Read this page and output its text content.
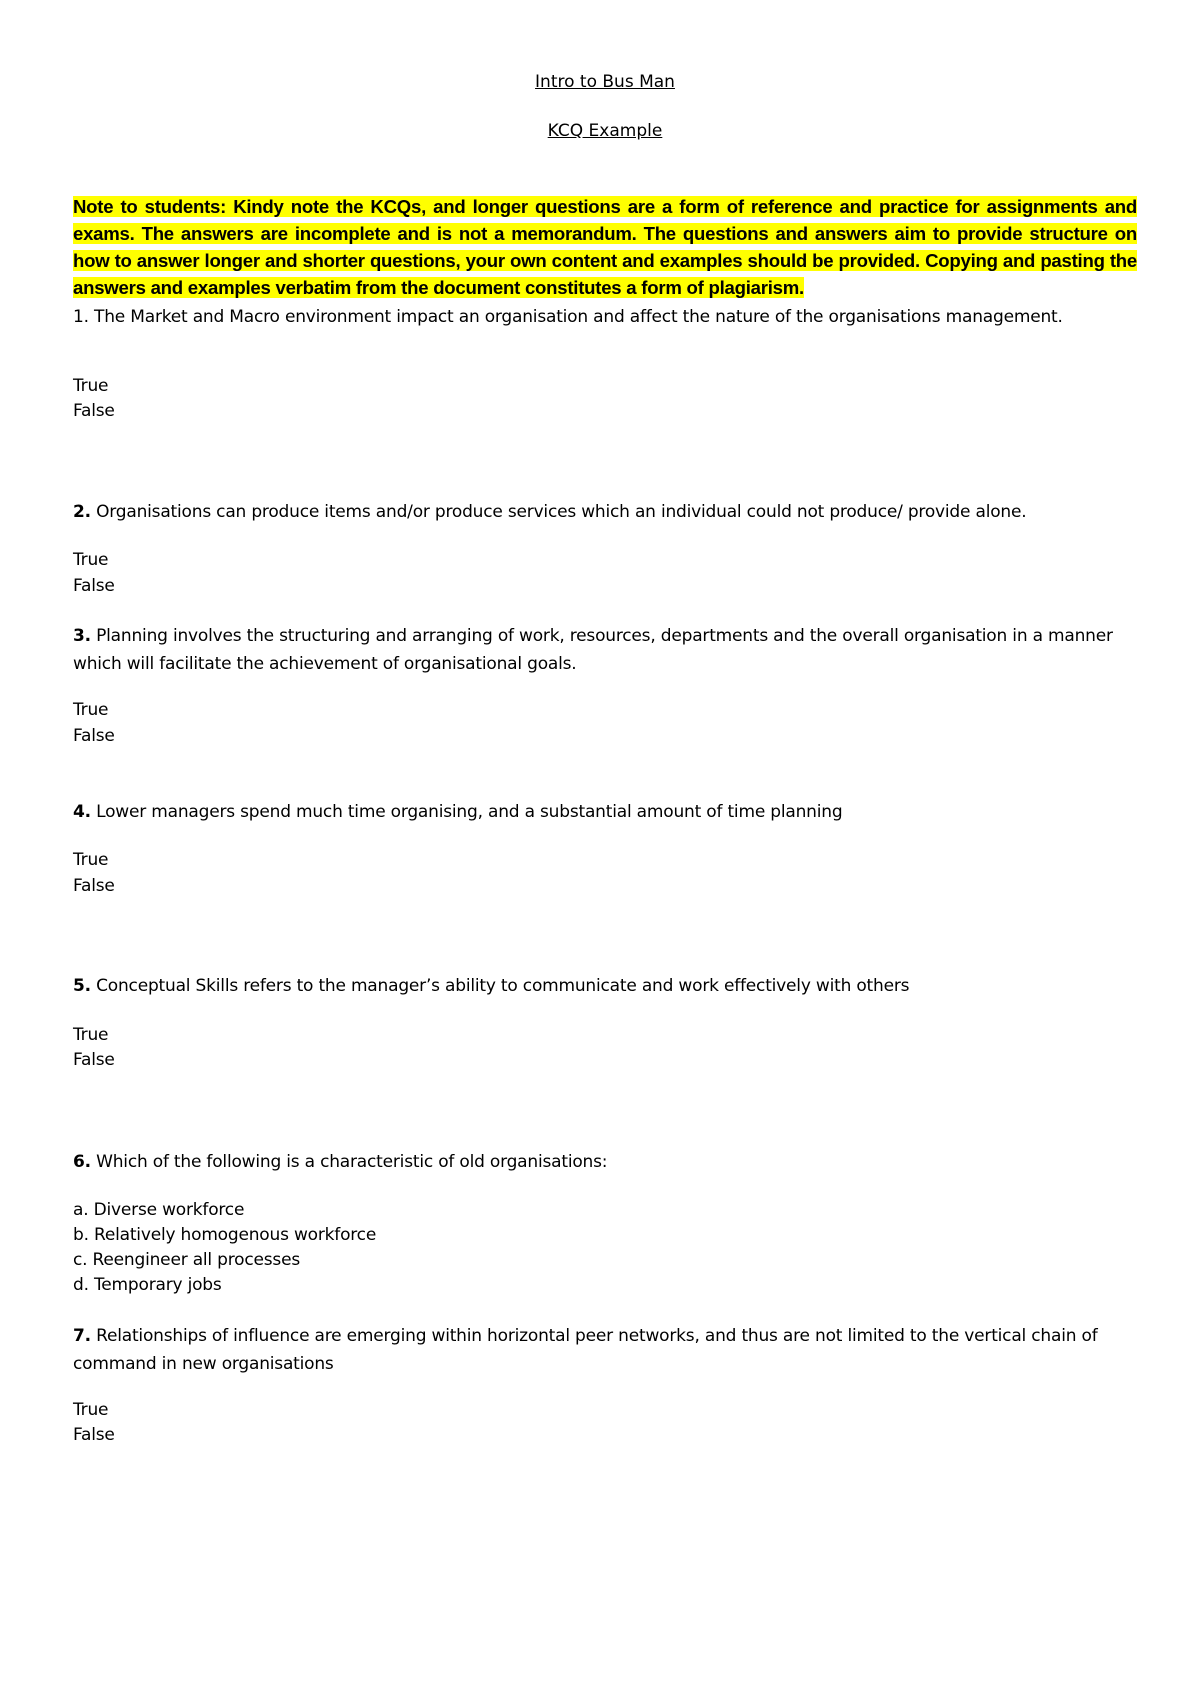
Intro to Bus Man
KCQ Example
Note to students: Kindy note the KCQs, and longer questions are a form of reference and practice for assignments and exams. The answers are incomplete and is not a memorandum. The questions and answers aim to provide structure on how to answer longer and shorter questions, your own content and examples should be provided. Copying and pasting the answers and examples verbatim from the document constitutes a form of plagiarism.
1. The Market and Macro environment impact an organisation and affect the nature of the organisations management.
True
False
2. Organisations can produce items and/or produce services which an individual could not produce/ provide alone.
True
False
3. Planning involves the structuring and arranging of work, resources, departments and the overall organisation in a manner which will facilitate the achievement of organisational goals.
True
False
4. Lower managers spend much time organising, and a substantial amount of time planning
True
False
5. Conceptual Skills refers to the manager’s ability to communicate and work effectively with others
True
False
6. Which of the following is a characteristic of old organisations:
a. Diverse workforce
b. Relatively homogenous workforce
c. Reengineer all processes
d. Temporary jobs
7. Relationships of influence are emerging within horizontal peer networks, and thus are not limited to the vertical chain of command in new organisations
True
False
